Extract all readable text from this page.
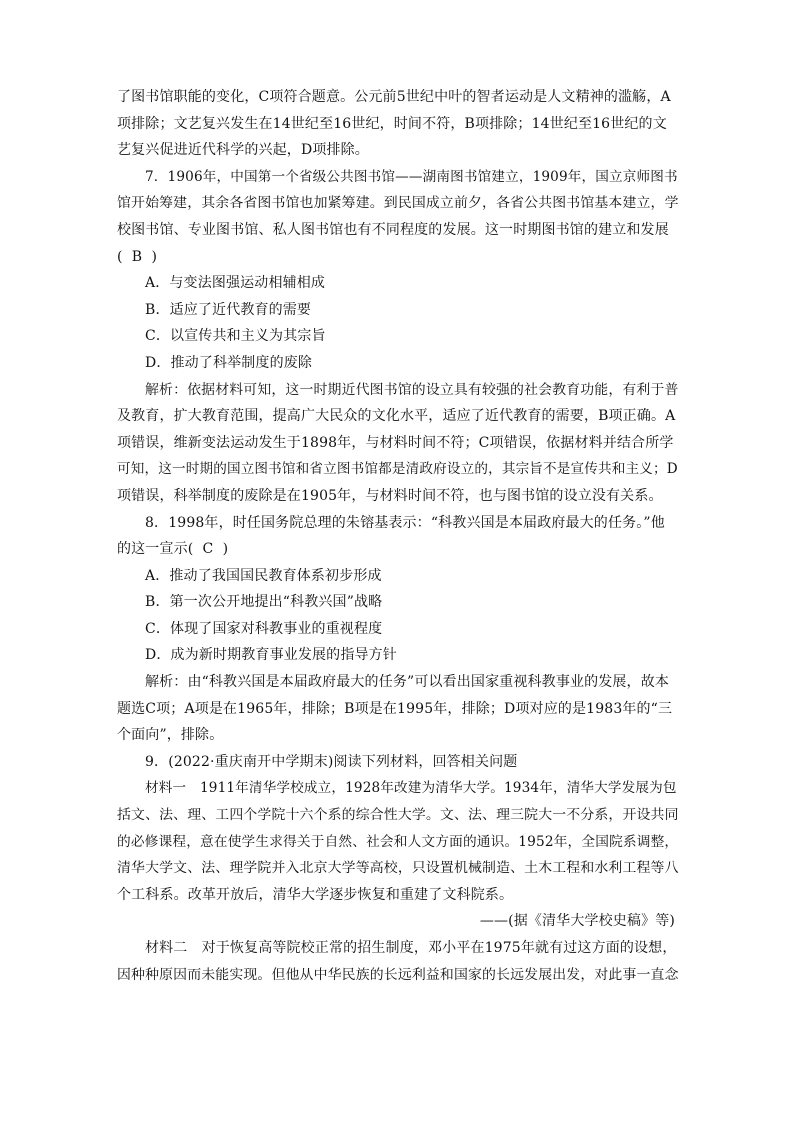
了图书馆职能的变化，C项符合题意。公元前5世纪中叶的智者运动是人文精神的滥觞，A
项排除；文艺复兴发生在14世纪至16世纪，时间不符，B项排除；14世纪至16世纪的文
艺复兴促进近代科学的兴起，D项排除。
7．1906年，中国第一个省级公共图书馆——湖南图书馆建立，1909年，国立京师图书
馆开始筹建，其余各省图书馆也加紧筹建。到民国成立前夕，各省公共图书馆基本建立，学
校图书馆、专业图书馆、私人图书馆也有不同程度的发展。这一时期图书馆的建立和发展
(  B  )
A．与变法图强运动相辅相成
B．适应了近代教育的需要
C．以宣传共和主义为其宗旨
D．推动了科举制度的废除
解析：依据材料可知，这一时期近代图书馆的设立具有较强的社会教育功能，有利于普
及教育，扩大教育范围，提高广大民众的文化水平，适应了近代教育的需要，B项正确。A
项错误，维新变法运动发生于1898年，与材料时间不符；C项错误，依据材料并结合所学
可知，这一时期的国立图书馆和省立图书馆都是清政府设立的，其宗旨不是宣传共和主义；D
项错误，科举制度的废除是在1905年，与材料时间不符，也与图书馆的设立没有关系。
8．1998年，时任国务院总理的朱镕基表示：“科教兴国是本届政府最大的任务。”他
的这一宣示(  C  )
A．推动了我国国民教育体系初步形成
B．第一次公开地提出“科教兴国”战略
C．体现了国家对科教事业的重视程度
D．成为新时期教育事业发展的指导方针
解析：由“科教兴国是本届政府最大的任务”可以看出国家重视科教事业的发展，故本
题选C项；A项是在1965年，排除；B项是在1995年，排除；D项对应的是1983年的“三
个面向”，排除。
9．(2022·重庆南开中学期末)阅读下列材料，回答相关问题
材料一　1911年清华学校成立，1928年改建为清华大学。1934年，清华大学发展为包
括文、法、理、工四个学院十六个系的综合性大学。文、法、理三院大一不分系，开设共同
的必修课程，意在使学生求得关于自然、社会和人文方面的通识。1952年，全国院系调整，
清华大学文、法、理学院并入北京大学等高校，只设置机械制造、土木工程和水利工程等八
个工科系。改革开放后，清华大学逐步恢复和重建了文科院系。
——(据《清华大学校史稿》等)
材料二　对于恢复高等院校正常的招生制度，邓小平在1975年就有过这方面的设想，
因种种原因而未能实现。但他从中华民族的长远利益和国家的长远发展出发，对此事一直念
